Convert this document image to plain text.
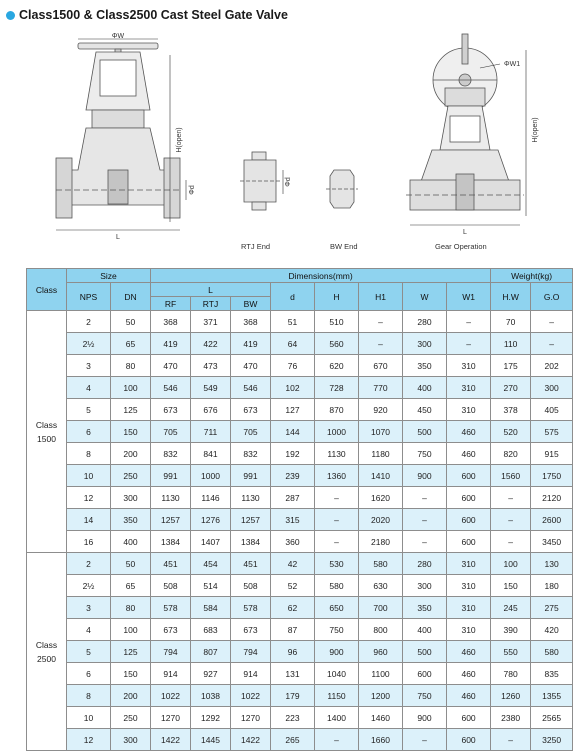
Class1500 & Class2500 Cast Steel Gate Valve
ΦW
H(open)
Φd
L
Φd
ΦW1
H(open)
L
RTJ End	BW End	Gear Operation
Class	Size		Dimensions(mm)								Weight(kg)	
	NPS	DN	L			d	H	H1	W	W1	H.W	G.O
			RF	RTJ	BW							

Class
1500	2	50	368	371	368	51	510	–	280	–	70	–
	2½	65	419	422	419	64	560	–	300	–	110	–
	3	80	470	473	470	76	620	670	350	310	175	202
	4	100	546	549	546	102	728	770	400	310	270	300
	5	125	673	676	673	127	870	920	450	310	378	405
	6	150	705	711	705	144	1000	1070	500	460	520	575
	8	200	832	841	832	192	1130	1180	750	460	820	915
	10	250	991	1000	991	239	1360	1410	900	600	1560	1750
	12	300	1130	1146	1130	287	–	1620	–	600	–	2120
	14	350	1257	1276	1257	315	–	2020	–	600	–	2600
	16	400	1384	1407	1384	360	–	2180	–	600	–	3450

Class
2500	2	50	451	454	451	42	530	580	280	310	100	130
	2½	65	508	514	508	52	580	630	300	310	150	180
	3	80	578	584	578	62	650	700	350	310	245	275
	4	100	673	683	673	87	750	800	400	310	390	420
	5	125	794	807	794	96	900	960	500	460	550	580
	6	150	914	927	914	131	1040	1100	600	460	780	835
	8	200	1022	1038	1022	179	1150	1200	750	460	1260	1355
	10	250	1270	1292	1270	223	1400	1460	900	600	2380	2565
	12	300	1422	1445	1422	265	–	1660	–	600	–	3250
